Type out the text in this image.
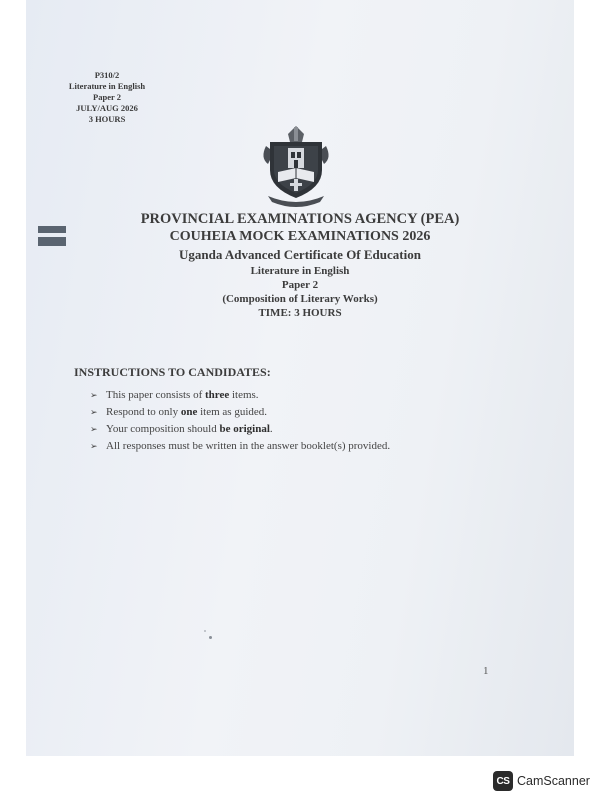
P310/2
Literature in English
Paper 2
JULY/AUG 2026
3 HOURS
PROVINCIAL EXAMINATIONS AGENCY (PEA)
COUHEIA MOCK EXAMINATIONS 2026
Uganda Advanced Certificate Of Education
Literature in English
Paper 2
(Composition of Literary Works)
TIME: 3 HOURS
INSTRUCTIONS TO CANDIDATES:
➢ This paper consists of three items.
➢ Respond to only one item as guided.
➢ Your composition should be original.
➢ All responses must be written in the answer booklet(s) provided.
1
CS CamScanner
